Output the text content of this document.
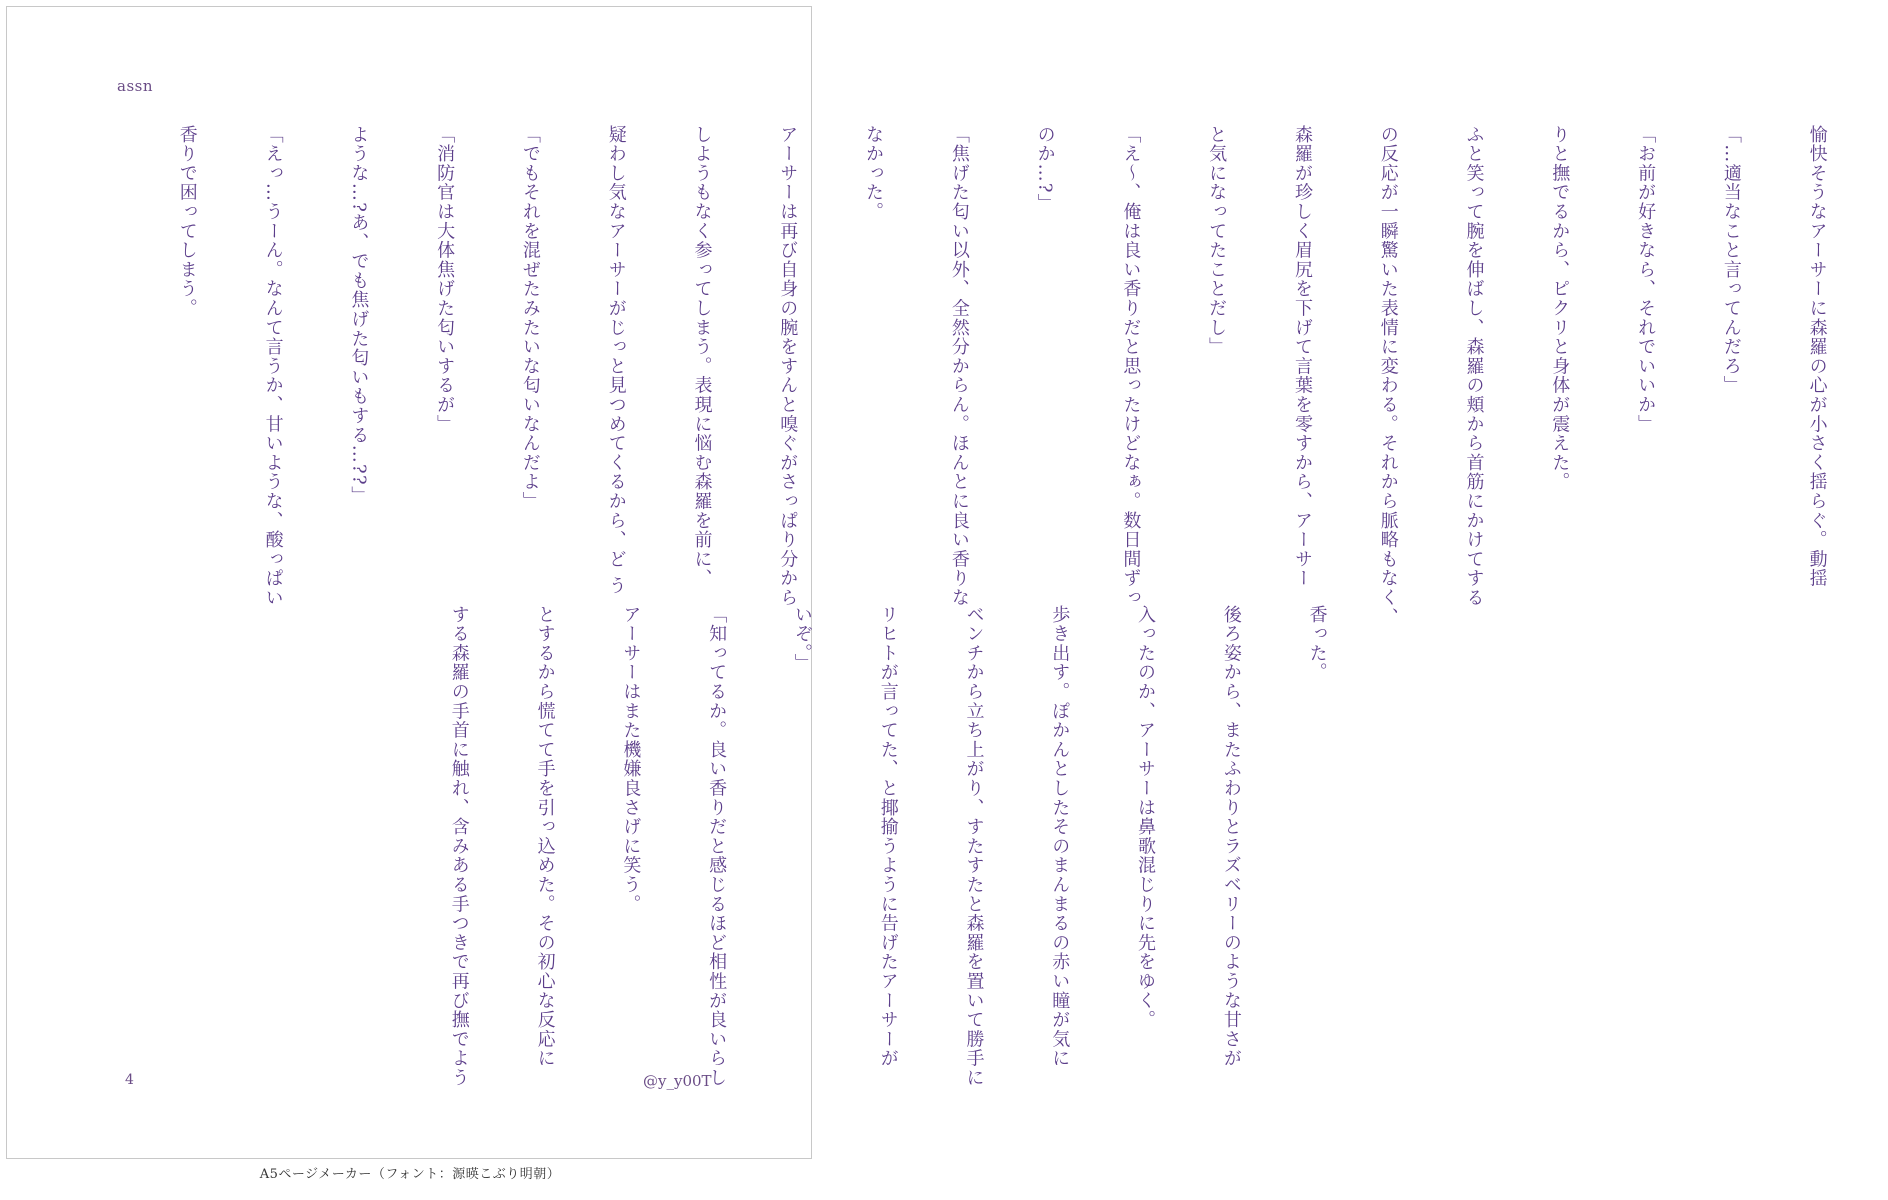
assn

愉快そうなアーサーに森羅の心が小さく揺らぐ。動揺

「…適当なこと言ってんだろ」

「お前が好きなら、それでいいか」

りと撫でるから、ピクリと身体が震えた。

ふと笑って腕を伸ばし、森羅の頬から首筋にかけてする

の反応が一瞬驚いた表情に変わる。それから脈略もなく、

森羅が珍しく眉尻を下げて言葉を零すから、アーサー

と気になってたことだし」

「え〜、俺は良い香りだと思ったけどなぁ。数日間ずっ

のか…?」

「焦げた匂い以外、全然分からん。ほんとに良い香りな

なかった。

アーサーは再び自身の腕をすんと嗅ぐがさっぱり分から

しようもなく参ってしまう。表現に悩む森羅を前に、

疑わし気なアーサーがじっと見つめてくるから、ど う

「でもそれを混ぜたみたいな匂いなんだよ」

「消防官は大体焦げた匂いするが」

ような…?あ、でも焦げた匂いもする…??」

「えっ…うーん。なんて言うか、甘いような、酸っぱい

香りで困ってしまう。

香った。

後ろ姿から、またふわりとラズベリーのような甘さが

入ったのか、アーサーは鼻歌混じりに先をゆく。

歩き出す。ぽかんとしたそのまんまるの赤い瞳が気に

ベンチから立ち上がり、すたすたと森羅を置いて勝手に

リヒトが言ってた、と揶揄うように告げたアーサーが

いぞ。」

「知ってるか。良い香りだと感じるほど相性が良いらし

アーサーはまた機嫌良さげに笑う。

とするから慌てて手を引っ込めた。その初心な反応に

する森羅の手首に触れ、含みある手つきで再び撫でよう

4	@y_y00T
A5ページメーカー（フォント：源暎こぶり明朝）
